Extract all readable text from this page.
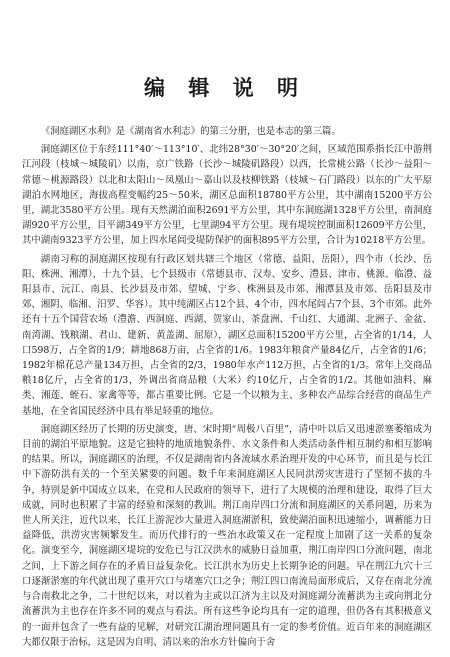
编 辑 说 明

《洞庭湖区水利》是《湖南省水利志》的第三分册，也是本志的第三篇。

洞庭湖区位于东经111°40′～113°10′、北纬28°30′～30°20′之间，区域范围系指长江中游荆江河段（枝城～城陵矶）以南，京广铁路（长沙～城陵矶路段）以西，长常桃公路（长沙～益阳～常德～桃源路段）以北和太阳山～凤凰山～嘉山以及枝柳铁路（枝城～石门路段）以东的广大平原湖泊水网地区，海拔高程变幅约25～50米，湖区总面积18780平方公里，其中湖南15200平方公里，湖北3580平方公里。现有天然湖泊面积2691平方公里，其中东洞庭湖1328平方公里，南洞庭湖920平方公里，目平湖349平方公里，七里湖94平方公里。现有堤垸控制面积12609平方公里，其中湖南9323平方公里，加上四水尾闾受堤防保护的面积895平方公里，合计为10218平方公里。

湖南习称的洞庭湖区按现有行政区划共辖三个地区（常德、益阳、岳阳），四个市（长沙、岳阳、株洲、湘潭），十九个县、七个县级市（常德县市、汉寿、安乡、澧县、津市、桃源、临澧、益阳县市、沅江、南县、长沙县及市郊、望城、宁乡、株洲县及市郊、湘潭县及市郊、岳阳县及市郊、湘阴、临湘、汨罗、华容）。其中纯湖区占12个县、4个市，四水尾闾占7个县、3个市郊。此外还有十五个国营农场（澧澹、西洞庭、西湖、贺家山、茶盘洲、千山红、大通湖、北洲子、金盆、南湾湖、钱粮湖、君山、建新、黄盖湖、屈原），湖区总面积15200平方公里，占全省的1/14，人口598万，占全省的1/9；耕地868万亩，占全省的1/6。1983年粮食产量84亿斤，占全省的1/6；1982年棉花总产量134万担，占全省的2/3，1980年水产112万担，占全省的1/3。常年上交商品粮18亿斤，占全省的1/3，外调出省商品粮（大米）约10亿斤，占全省的1/2。其他如油料、麻类、湘莲、蛭石、家禽等等，都占重要比例。它是一个以粮为主、多种农产品综合经营的商品生产基地，在全省国民经济中具有举足轻重的地位。

洞庭湖区经历了长期的历史演变，唐、宋时期“周极八百里”，清中叶以后又迅速淤塞萎缩成为目前的湖泊平原地貌。这是它独特的地质地貌条件、水文条件和人类活动条件相互制约和相互影响的结果。所以，洞庭湖区的治理，不仅是湖南省内各流域水系治理开发的中心环节，而且是与长江中下游防洪有关的一个至关紧要的问题。数千年来洞庭湖区人民同洪涝灾害进行了坚韧不拔的斗争，特别是新中国成立以来，在党和人民政府的领导下，进行了大规模的治理和建设，取得了巨大成就，同时也积累了丰富的经验和深刻的教训。荆江南岸四口分流和洞庭湖区的关系问题，历来为世人所关注，近代以来，长江上游泥沙大量进入洞庭湖淤积，致使湖泊面积迅速缩小，调蓄能力日益降低，洪涝灾害频繁发生。而历代排行的一些治水政策又在一定程度上加剧了这一关系的复杂化。演变至今，洞庭湖区堤垸的安危已与江汉洪水的威胁日益加重，荆江南岸四口分流问题，南北之间，上下游之间存在的矛盾日益复杂化。长江洪水为历史上长期争论的问题。早在荆江九穴十三口逐渐淤塞的年代就出现了重开穴口与堵塞穴口之争；荆江四口南流局面形成后，又存在南北分流与合南救北之争，二十世纪以来，对以着为主或以江济为主以及对洞庭湖分流蓄洪为主或向荆北分流蓄洪为主也存在许多不同的观点与看法。所有这些争论均具有一定的道理，但仍各有其积极意义的一面并包含了一些有益的见解，对研究江湖治理问题具有一定的参考价值。近百年来的洞庭湖区大都仅限于治标，这是因为自明、清以来的治水方针偏向于舍
